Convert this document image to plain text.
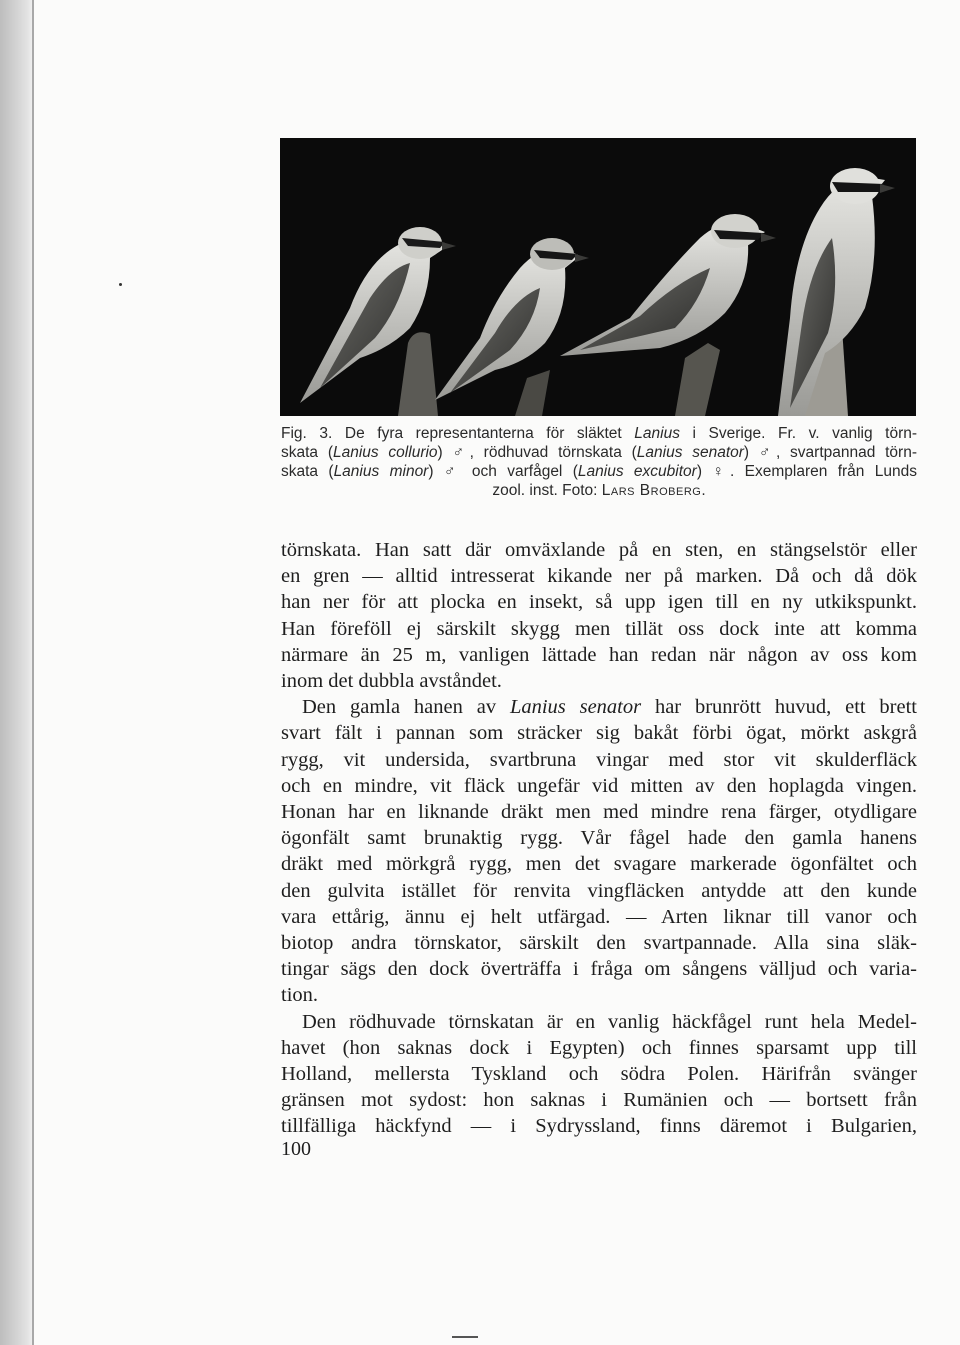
Fig. 3. De fyra representanterna för släktet Lanius i Sverige. Fr. v. vanlig törn-
skata (Lanius collurio) ♂, rödhuvad törnskata (Lanius senator) ♂, svartpannad törn-
skata (Lanius minor) ♂ och varfågel (Lanius excubitor) ♀. Exemplaren från Lunds
zool. inst. Foto: Lars Broberg.
törnskata. Han satt där omväxlande på en sten, en stängselstör eller
en gren — alltid intresserat kikande ner på marken. Då och då dök
han ner för att plocka en insekt, så upp igen till en ny utkikspunkt.
Han föreföll ej särskilt skygg men tillät oss dock inte att komma
närmare än 25 m, vanligen lättade han redan när någon av oss kom
inom det dubbla avståndet.
Den gamla hanen av Lanius senator har brunrött huvud, ett brett
svart fält i pannan som sträcker sig bakåt förbi ögat, mörkt askgrå
rygg, vit undersida, svartbruna vingar med stor vit skulderfläck
och en mindre, vit fläck ungefär vid mitten av den hoplagda vingen.
Honan har en liknande dräkt men med mindre rena färger, otydligare
ögonfält samt brunaktig rygg. Vår fågel hade den gamla hanens
dräkt med mörkgrå rygg, men det svagare markerade ögonfältet och
den gulvita istället för renvita vingfläcken antydde att den kunde
vara ettårig, ännu ej helt utfärgad. — Arten liknar till vanor och
biotop andra törnskator, särskilt den svartpannade. Alla sina släk-
tingar sägs den dock överträffa i fråga om sångens välljud och varia-
tion.
Den rödhuvade törnskatan är en vanlig häckfågel runt hela Medel-
havet (hon saknas dock i Egypten) och finnes sparsamt upp till
Holland, mellersta Tyskland och södra Polen. Härifrån svänger
gränsen mot sydost: hon saknas i Rumänien och — bortsett från
tillfälliga häckfynd — i Sydryssland, finns däremot i Bulgarien,
100
